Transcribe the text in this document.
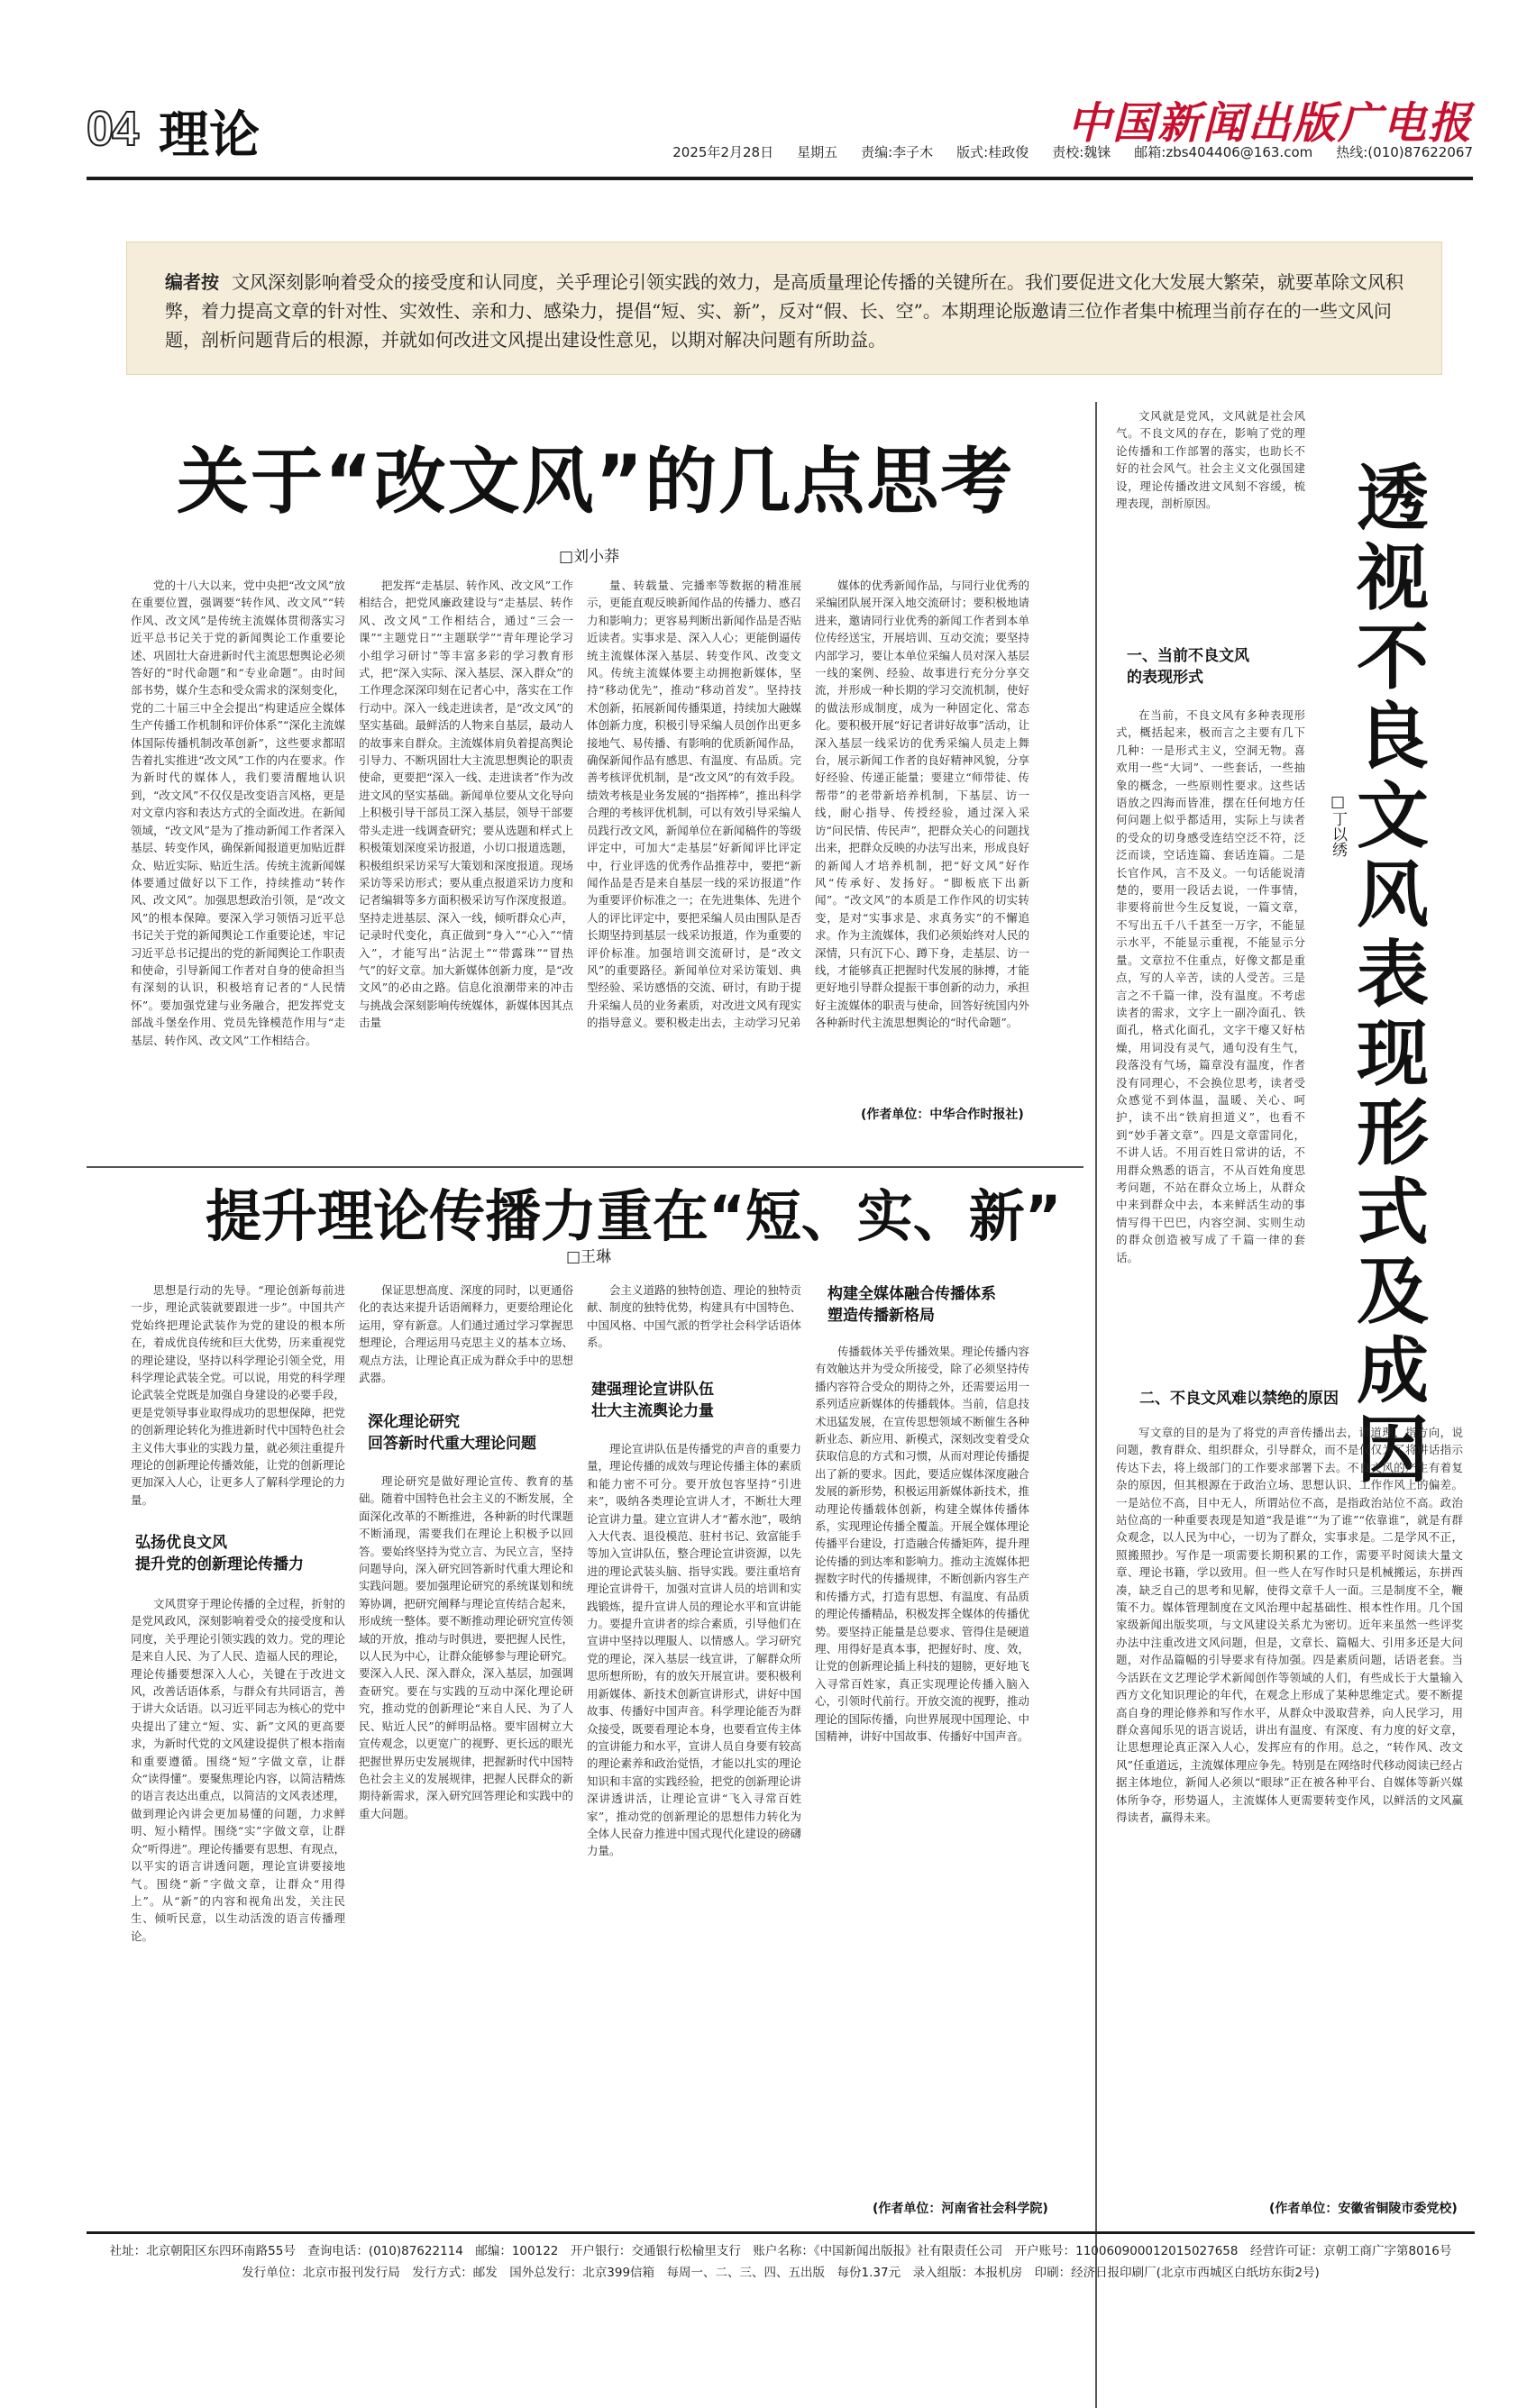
04 理论	中国新闻出版广电报
2025年2月28日 星期五 责编:李子木 版式:桂政俊 责校:魏铼 邮箱:zbs404406@163.com 热线:(010)87622067
编者按 文风深刻影响着受众的接受度和认同度，关乎理论引领实践的效力，是高质量理论传播的关键所在。我们要促进文化大发展大繁荣，就要革除文风积弊，着力提高文章的针对性、实效性、亲和力、感染力，提倡“短、实、新”，反对“假、长、空”。本期理论版邀请三位作者集中梳理当前存在的一些文风问题，剖析问题背后的根源，并就如何改进文风提出建设性意见，以期对解决问题有所助益。
关于“改文风”的几点思考
□刘小莽
党的十八大以来，党中央把“改文风”放在重要位置，强调要“转作风、改文风”“转作风、改文风”是传统主流媒体贯彻落实习近平总书记关于党的新闻舆论工作重要论述、巩固壮大奋进新时代主流思想舆论必须答好的“时代命题”和“专业命题”。由时间部书势，媒介生态和受众需求的深刻变化，党的二十届三中全会提出“构建适应全媒体生产传播工作机制和评价体系”“深化主流媒体国际传播机制改革创新”，这些要求都昭告着扎实推进“改文风”工作的内在要求。作为新时代的媒体人，我们要清醒地认识到，“改文风”不仅仅是改变语言风格，更是对文章内容和表达方式的全面改进。在新闻领域，“改文风”是为了推动新闻工作者深入基层、转变作风，确保新闻报道更加贴近群众、贴近实际、贴近生活。传统主流新闻媒体要通过做好以下工作，持续推动“转作风、改文风”。加强思想政治引领，是“改文风”的根本保障。要深入学习领悟习近平总书记关于党的新闻舆论工作重要论述，牢记习近平总书记提出的党的新闻舆论工作职责和使命，引导新闻工作者对自身的使命担当有深刻的认识，积极培育记者的“人民情怀”。要加强党建与业务融合，把发挥党支部战斗堡垒作用、党员先锋模范作用与“走基层、转作风、改文风”工作相结合。
把发挥“走基层、转作风、改文风”工作相结合，把党风廉政建设与“走基层、转作风、改文风”工作相结合，通过“三会一课”“主题党日”“主题联学”“青年理论学习小组学习研讨”等丰富多彩的学习教育形式，把“深入实际、深入基层、深入群众”的工作理念深深印刻在记者心中，落实在工作行动中。深入一线走进读者，是“改文风”的坚实基础。最鲜活的人物来自基层，最动人的故事来自群众。主流媒体肩负着提高舆论引导力、不断巩固壮大主流思想舆论的职责使命，更要把“深入一线、走进读者”作为改进文风的坚实基础。新闻单位要从文化导向上积极引导干部员工深入基层，领导干部要带头走进一线调查研究；要从选题和样式上积极策划深度采访报道，小切口报道选题，积极组织采访采写大策划和深度报道。现场采访等采访形式；要从重点报道采访力度和记者编辑等多方面积极采访写作深度报道。坚持走进基层、深入一线，倾听群众心声，记录时代变化，真正做到“身入”“心入”“情入”，才能写出“沾泥土”“带露珠”“冒热气”的好文章。加大新媒体创新力度，是“改文风”的必由之路。信息化浪潮带来的冲击与挑战会深刻影响传统媒体，新媒体因其点击量
量、转载量、完播率等数据的精准展示，更能直观反映新闻作品的传播力、感召力和影响力；更容易判断出新闻作品是否贴近读者。实事求是、深入人心；更能倒逼传统主流媒体深入基层、转变作风、改变文风。传统主流媒体要主动拥抱新媒体，坚持“移动优先”，推动“移动首发”。坚持技术创新，拓展新闻传播渠道，持续加大融媒体创新力度，积极引导采编人员创作出更多接地气、易传播、有影响的优质新闻作品，确保新闻作品有感思、有温度、有品质。完善考核评优机制，是“改文风”的有效手段。绩效考核是业务发展的“指挥棒”，推出科学合理的考核评优机制，可以有效引导采编人员践行改文风，新闻单位在新闻稿件的等级评定中，可加大“走基层”好新闻评比评定中，行业评选的优秀作品推荐中，要把“新闻作品是否是来自基层一线的采访报道”作为重要评价标准之一；在先进集体、先进个人的评比评定中，要把采编人员由围队是否长期坚持到基层一线采访报道，作为重要的评价标准。加强培训交流研讨，是“改文风”的重要路径。新闻单位对采访策划、典型经验、采访感悟的交流、研讨，有助于提升采编人员的业务素质，对改进文风有现实的指导意义。要积极走出去，主动学习兄弟
媒体的优秀新闻作品，与同行业优秀的采编团队展开深入地交流研讨；要积极地请进来，邀请同行业优秀的新闻工作者到本单位传经送宝，开展培训、互动交流；要坚持内部学习，要让本单位采编人员对深入基层一线的案例、经验、故事进行充分分享交流，并形成一种长期的学习交流机制，使好的做法形成制度，成为一种固定化、常态化。要积极开展“好记者讲好故事”活动，让深入基层一线采访的优秀采编人员走上舞台，展示新闻工作者的良好精神风貌，分享好经验、传递正能量；要建立“师带徒、传帮带”的老带新培养机制，下基层、访一线，耐心指导、传授经验，通过深入采访“问民情、传民声”，把群众关心的问题找出来，把群众反映的办法写出来，形成良好的新闻人才培养机制，把“好文风”好作风“传承好、发扬好。“脚板底下出新闻”。“改文风”的本质是工作作风的切实转变，是对“实事求是、求真务实”的不懈追求。作为主流媒体，我们必须始终对人民的深情，只有沉下心、蹲下身，走基层、访一线，才能够真正把握时代发展的脉搏，才能更好地引导群众提振干事创新的动力，承担好主流媒体的职责与使命，回答好统国内外各种新时代主流思想舆论的“时代命题”。
(作者单位：中华合作时报社)
提升理论传播力重在“短、实、新”
□王琳
思想是行动的先导。“理论创新每前进一步，理论武装就要跟进一步”。中国共产党始终把理论武装作为党的建设的根本所在，着成优良传统和巨大优势，历来重视党的理论建设，坚持以科学理论引领全党，用科学理论武装全党。可以说，用党的科学理论武装全党既是加强自身建设的必要手段，更是党领导事业取得成功的思想保障，把党的创新理论转化为推进新时代中国特色社会主义伟大事业的实践力量，就必须注重提升理论的创新理论传播效能，让党的创新理论更加深入人心，让更多人了解科学理论的力量。
弘扬优良文风
提升党的创新理论传播力
文风贯穿于理论传播的全过程，折射的是党风政风，深刻影响着受众的接受度和认同度，关乎理论引领实践的效力。党的理论是来自人民、为了人民、造福人民的理论，理论传播要想深入人心，关键在于改进文风，改善话语体系，与群众有共同语言，善于讲大众话语。以习近平同志为核心的党中央提出了建立“短、实、新”文风的更高要求，为新时代党的文风建设提供了根本指南和重要遵循。围绕“短”字做文章，让群众“读得懂”。要聚焦理论内容，以简洁精炼的语言表达出重点，以简洁的文风表述理，做到理论內讲会更加易懂的问题，力求鲜明、短小精悍。围绕“实”字做文章，让群众“听得进”。理论传播要有思想、有现点，以平实的语言讲透问题，理论宣讲要接地气。围绕“新”字做文章，让群众“用得上”。从“新”的内容和视角出发，关注民生、倾听民意，以生动活泼的语言传播理论。
保证思想高度、深度的同时，以更通俗化的表达来提升话语阐释力，更要给理论化运用，穿有新意。人们通过通过学习掌握思想理论，合理运用马克思主义的基本立场、观点方法，让理论真正成为群众手中的思想武器。
深化理论研究
回答新时代重大理论问题
理论研究是做好理论宣传、教育的基础。随着中国特色社会主义的不断发展，全面深化改革的不断推进，各种新的时代课题不断涌现，需要我们在理论上积极予以回答。要始终坚持为党立言、为民立言，坚持问题导向，深入研究回答新时代重大理论和实践问题。要加强理论研究的系统谋划和统筹协调，把研究阐释与理论宣传结合起来，形成统一整体。要不断推动理论研究宣传领域的开放，推动与时俱进，要把握人民性，以人民为中心，让群众能够参与理论研究。要深入人民、深入群众，深入基层，加强调查研究。要在与实践的互动中深化理论研究，推动党的创新理论“来自人民、为了人民、贴近人民”的鲜明品格。要牢固树立大宣传观念，以更宽广的视野、更长远的眼光把握世界历史发展规律，把握新时代中国特色社会主义的发展规律，把握人民群众的新期待新需求，深入研究回答理论和实践中的重大问题。
会主义道路的独特创造、理论的独特贡献、制度的独特优势，构建具有中国特色、中国风格、中国气派的哲学社会科学话语体系。
建强理论宣讲队伍
壮大主流舆论力量
理论宣讲队伍是传播党的声音的重要力量，理论传播的成效与理论传播主体的素质和能力密不可分。要开放包容坚持“引进来”，吸纳各类理论宣讲人才，不断壮大理论宣讲力量。建立宣讲人才“蓄水池”，吸纳入大代表、退役模范、驻村书记、致富能手等加入宣讲队伍，整合理论宣讲资源，以先进的理论武装头脑、指导实践。要注重培育理论宣讲骨干，加强对宣讲人员的培训和实践锻炼，提升宣讲人员的理论水平和宣讲能力。要提升宣讲者的综合素质，引导他们在宣讲中坚持以理服人、以情感人。学习研究党的理论，深入基层一线宣讲，了解群众所思所想所盼，有的放矢开展宣讲。要积极利用新媒体、新技术创新宣讲形式，讲好中国故事、传播好中国声音。科学理论能否为群众接受，既要看理论本身，也要看宣传主体的宣讲能力和水平，宣讲人员自身要有较高的理论素养和政治觉悟，才能以扎实的理论知识和丰富的实践经验，把党的创新理论讲深讲透讲活，让理论宣讲“飞入寻常百姓家”，推动党的创新理论的思想伟力转化为全体人民奋力推进中国式现代化建设的磅礴力量。
构建全媒体融合传播体系
塑造传播新格局
传播载体关乎传播效果。理论传播内容有效触达并为受众所接受，除了必须坚持传播内容符合受众的期待之外，还需要运用一系列适应新媒体的传播载体。当前，信息技术迅猛发展，在宣传思想领域不断催生各种新业态、新应用、新模式，深刻改变着受众获取信息的方式和习惯，从而对理论传播提出了新的要求。因此，要适应媒体深度融合发展的新形势，积极运用新媒体新技术，推动理论传播载体创新，构建全媒体传播体系，实现理论传播全覆盖。开展全媒体理论传播平台建设，打造融合传播矩阵，提升理论传播的到达率和影响力。推动主流媒体把握数字时代的传播规律，不断创新内容生产和传播方式，打造有思想、有温度、有品质的理论传播精品，积极发挥全媒体的传播优势。要坚持正能量是总要求、管得住是硬道理、用得好是真本事，把握好时、度、效，让党的创新理论插上科技的翅膀，更好地飞入寻常百姓家，真正实现理论传播入脑入心，引领时代前行。开放交流的视野，推动理论的国际传播，向世界展现中国理论、中国精神，讲好中国故事、传播好中国声音。
(作者单位：河南省社会科学院)
文风就是党风，文风就是社会风气。不良文风的存在，影响了党的理论传播和工作部署的落实，也助长不好的社会风气。社会主义文化强国建设，理论传播改进文风刻不容缓，梳理表现，剖析原因。	透视不良文风表现形式及成因
□丁以绣
一、当前不良文风
的表现形式
在当前，不良文风有多种表现形式，概括起来，极而言之主要有几下几种：一是形式主义，空洞无物。喜欢用一些“大词”、一些套话，一些抽象的概念，一些原则性要求。这些话语放之四海而皆准，摆在任何地方任何问题上似乎都适用，实际上与读者的受众的切身感受连结空泛不符，泛泛而谈，空话连篇、套话连篇。二是长官作风，言不及义。一句话能说清楚的，要用一段话去说，一件事情，非要将前世今生反复说，一篇文章，不写出五千八千甚至一万字，不能显示水平，不能显示重视，不能显示分量。文章拉不住重点，好像文都是重点，写的人辛苦，读的人受苦。三是言之不千篇一律，没有温度。不考虑读者的需求，文字上一副冷面孔、铁面孔，格式化面孔，文字干瘪又好枯燥，用词没有灵气，通句没有生气，段落没有气场，篇章没有温度，作者没有同理心，不会换位思考，读者受众感觉不到体温，温暖、关心、呵护，读不出“铁肩担道义”，也看不到“妙手著文章”。四是文章雷同化，不讲人话。不用百姓日常讲的话，不用群众熟悉的语言，不从百姓角度思考问题，不站在群众立场上，从群众中来到群众中去，本来鲜活生动的事情写得干巴巴，内容空洞、实则生动的群众创造被写成了千篇一律的套话。
二、不良文风难以禁绝的原因
写文章的目的是为了将党的声音传播出去，讲道理、指方向，说问题，教育群众、组织群众，引导群众，而不是仅仅为了将讲话指示传达下去，将上级部门的工作要求部署下去。不良文风的产生有着复杂的原因，但其根源在于政治立场、思想认识、工作作风上的偏差。一是站位不高，目中无人，所谓站位不高，是指政治站位不高。政治站位高的一种重要表现是知道“我是谁”“为了谁”“依靠谁”，就是有群众观念，以人民为中心，一切为了群众，实事求是。二是学风不正，照搬照抄。写作是一项需要长期积累的工作，需要平时阅读大量文章、理论书籍，学以致用。但一些人在写作时只是机械搬运，东拼西凑，缺乏自己的思考和见解，使得文章千人一面。三是制度不全，鞭策不力。媒体管理制度在文风治理中起基础性、根本性作用。几个国家级新闻出版奖项，与文风建设关系尤为密切。近年来虽然一些评奖办法中注重改进文风问题，但是，文章长、篇幅大、引用多还是大问题，对作品篇幅的引导要求有待加强。四是素质问题，话语老套。当今活跃在文艺理论学术新闻创作等领域的人们，有些成长于大量输入西方文化知识理论的年代，在观念上形成了某种思维定式。要不断提高自身的理论修养和写作水平，从群众中汲取营养，向人民学习，用群众喜闻乐见的语言说话，讲出有温度、有深度、有力度的好文章，让思想理论真正深入人心，发挥应有的作用。总之，“转作风、改文风”任重道远，主流媒体理应争先。特别是在网络时代移动阅读已经占据主体地位，新闻人必须以“眼球”正在被各种平台、自媒体等新兴媒体所争夺，形势逼人，主流媒体人更需要转变作风，以鲜活的文风赢得读者，赢得未来。
(作者单位：安徽省铜陵市委党校)
社址：北京朝阳区东四环南路55号　查询电话：(010)87622114　邮编：100122　开户银行：交通银行松榆里支行　账户名称：《中国新闻出版报》社有限责任公司　开户账号：110060900012015027658　经营许可证：京朝工商广字第8016号
发行单位：北京市报刊发行局　发行方式：邮发　国外总发行：北京399信箱　每周一、二、三、四、五出版　每份1.37元　录入组版：本报机房　印刷：经济日报印刷厂(北京市西城区白纸坊东街2号)
